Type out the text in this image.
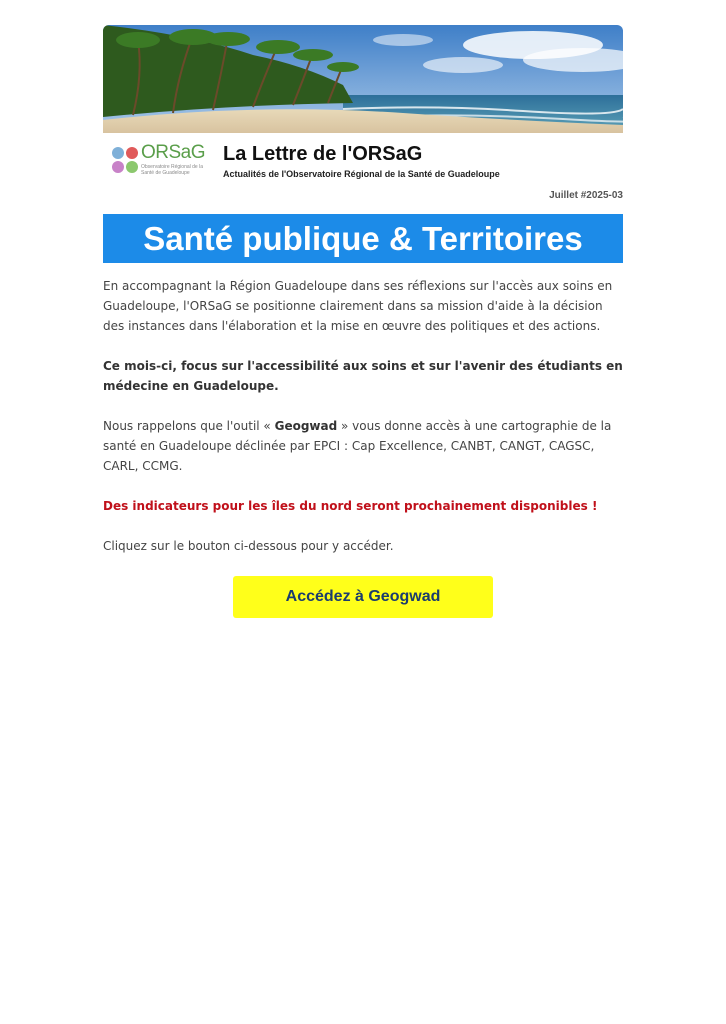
ORSaG
Observatoire Régional de la Santé de Guadeloupe
La Lettre de l'ORSaG
Actualités de l'Observatoire Régional de la Santé de Guadeloupe
Juillet #2025-03
Santé publique & Territoires

En accompagnant la Région Guadeloupe dans ses réflexions sur l'accès aux soins en Guadeloupe, l'ORSaG se positionne clairement dans sa mission d'aide à la décision des instances dans l'élaboration et la mise en œuvre des politiques et des actions.

Ce mois-ci, focus sur l'accessibilité aux soins et sur l'avenir des étudiants en médecine en Guadeloupe.

Nous rappelons que l'outil « Geogwad » vous donne accès à une cartographie de la santé en Guadeloupe déclinée par EPCI : Cap Excellence, CANBT, CANGT, CAGSC, CARL, CCMG.

Des indicateurs pour les îles du nord seront prochainement disponibles !

Cliquez sur le bouton ci-dessous pour y accéder.

Accédez à Geogwad
